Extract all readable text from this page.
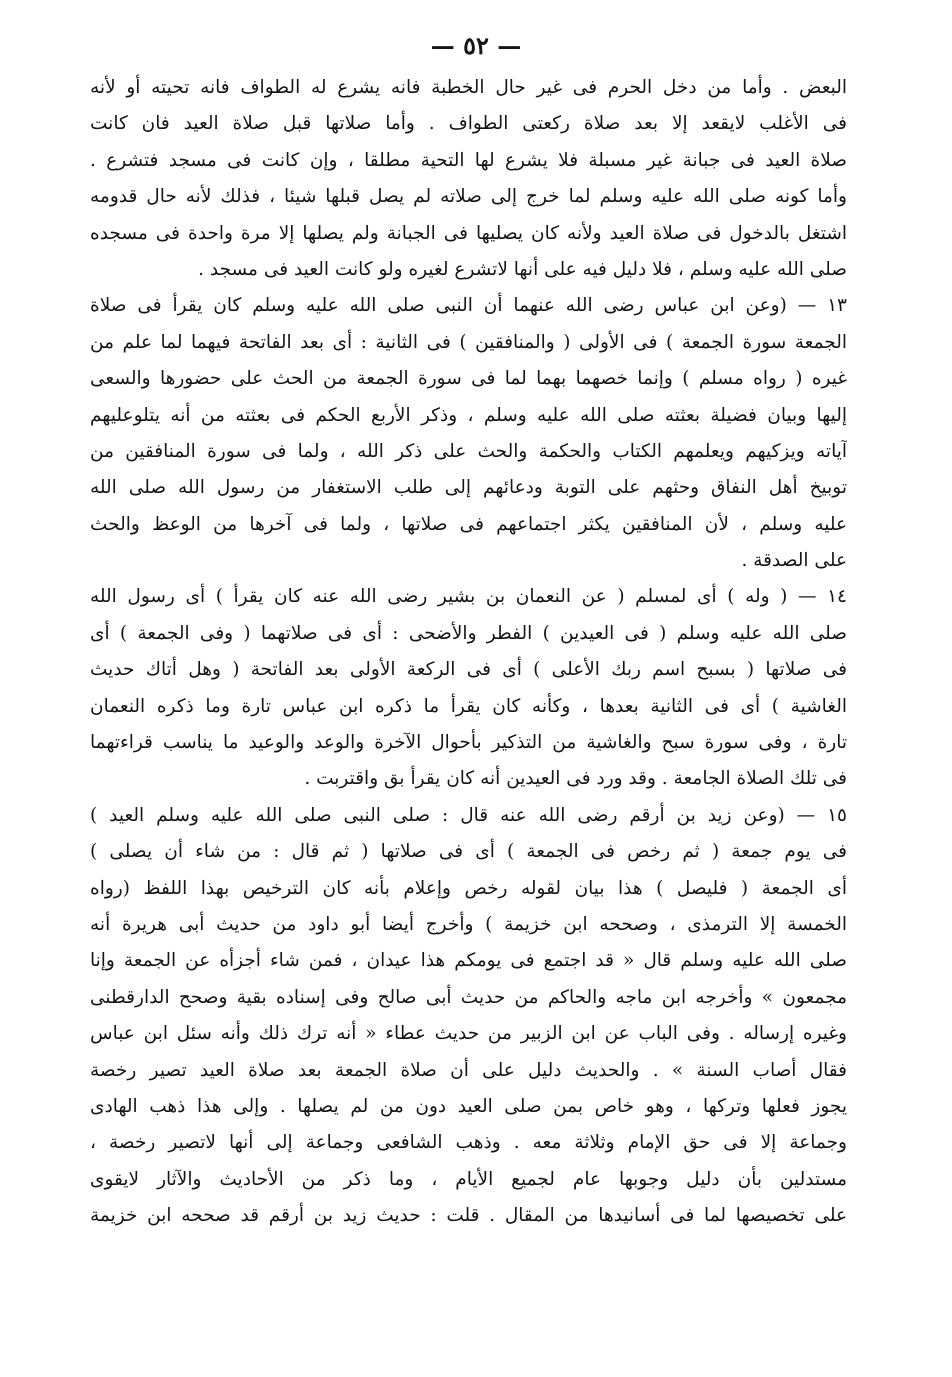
— ٥٢ —
البعض . وأما من دخل الحرم فى غير حال الخطبة فانه يشرع له الطواف فانه تحيته أو لأنه
فى الأغلب لايقعد إلا بعد صلاة ركعتى الطواف . وأما صلاتها قبل صلاة العيد فان كانت
صلاة العيد فى جبانة غير مسبلة فلا يشرع لها التحية مطلقا ، وإن كانت فى مسجد فتشرع .
وأما كونه صلى الله عليه وسلم لما خرج إلى صلاته لم يصل قبلها شيئا ، فذلك لأنه حال قدومه
اشتغل بالدخول فى صلاة العيد ولأنه كان يصليها فى الجبانة ولم يصلها إلا مرة واحدة فى مسجده
صلى الله عليه وسلم ، فلا دليل فيه على أنها لاتشرع لغيره ولو كانت العيد فى مسجد .
١٣ — (وعن ابن عباس رضى الله عنهما أن النبى صلى الله عليه وسلم كان يقرأ فى صلاة
الجمعة سورة الجمعة ) فى الأولى ( والمنافقين ) فى الثانية : أى بعد الفاتحة فيهما لما علم من
غيره ( رواه مسلم ) وإنما خصهما بهما لما فى سورة الجمعة من الحث على حضورها والسعى
إليها وبيان فضيلة بعثته صلى الله عليه وسلم ، وذكر الأربع الحكم فى بعثته من أنه يتلوعليهم
آياته ويزكيهم ويعلمهم الكتاب والحكمة والحث على ذكر الله ، ولما فى سورة المنافقين من
توبيخ أهل النفاق وحثهم على التوبة ودعائهم إلى طلب الاستغفار من رسول الله صلى الله
عليه وسلم ، لأن المنافقين يكثر اجتماعهم فى صلاتها ، ولما فى آخرها من الوعظ والحث
على الصدقة .
١٤ — ( وله ) أى لمسلم ( عن النعمان بن بشير رضى الله عنه كان يقرأ ) أى رسول الله
صلى الله عليه وسلم ( فى العيدين ) الفطر والأضحى : أى فى صلاتهما ( وفى الجمعة ) أى
فى صلاتها ( بسبح اسم ربك الأعلى ) أى فى الركعة الأولى بعد الفاتحة ( وهل أتاك حديث
الغاشية ) أى فى الثانية بعدها ، وكأنه كان يقرأ ما ذكره ابن عباس تارة وما ذكره النعمان
تارة ، وفى سورة سبح والغاشية من التذكير بأحوال الآخرة والوعد والوعيد ما يناسب قراءتهما
فى تلك الصلاة الجامعة . وقد ورد فى العيدين أنه كان يقرأ بق واقتربت .
١٥ — (وعن زيد بن أرقم رضى الله عنه قال : صلى النبى صلى الله عليه وسلم العيد )
فى يوم جمعة ( ثم رخص فى الجمعة ) أى فى صلاتها ( ثم قال : من شاء أن يصلى )
أى الجمعة ( فليصل ) هذا بيان لقوله رخص وإعلام بأنه كان الترخيص بهذا اللفظ (رواه
الخمسة إلا الترمذى ، وصححه ابن خزيمة ) وأخرج أيضا أبو داود من حديث أبى هريرة أنه
صلى الله عليه وسلم قال « قد اجتمع فى يومكم هذا عيدان ، فمن شاء أجزأه عن الجمعة وإنا
مجمعون » وأخرجه ابن ماجه والحاكم من حديث أبى صالح وفى إسناده بقية وصحح الدارقطنى
وغيره إرساله . وفى الباب عن ابن الزبير من حديث عطاء « أنه ترك ذلك وأنه سئل ابن عباس
فقال أصاب السنة » . والحديث دليل على أن صلاة الجمعة بعد صلاة العيد تصير رخصة
يجوز فعلها وتركها ، وهو خاص بمن صلى العيد دون من لم يصلها . وإلى هذا ذهب الهادى
وجماعة إلا فى حق الإمام وثلاثة معه . وذهب الشافعى وجماعة إلى أنها لاتصير رخصة ،
مستدلين بأن دليل وجوبها عام لجميع الأيام ، وما ذكر من الأحاديث والآثار لايقوى
على تخصيصها لما فى أسانيدها من المقال . قلت : حديث زيد بن أرقم قد صححه ابن خزيمة
